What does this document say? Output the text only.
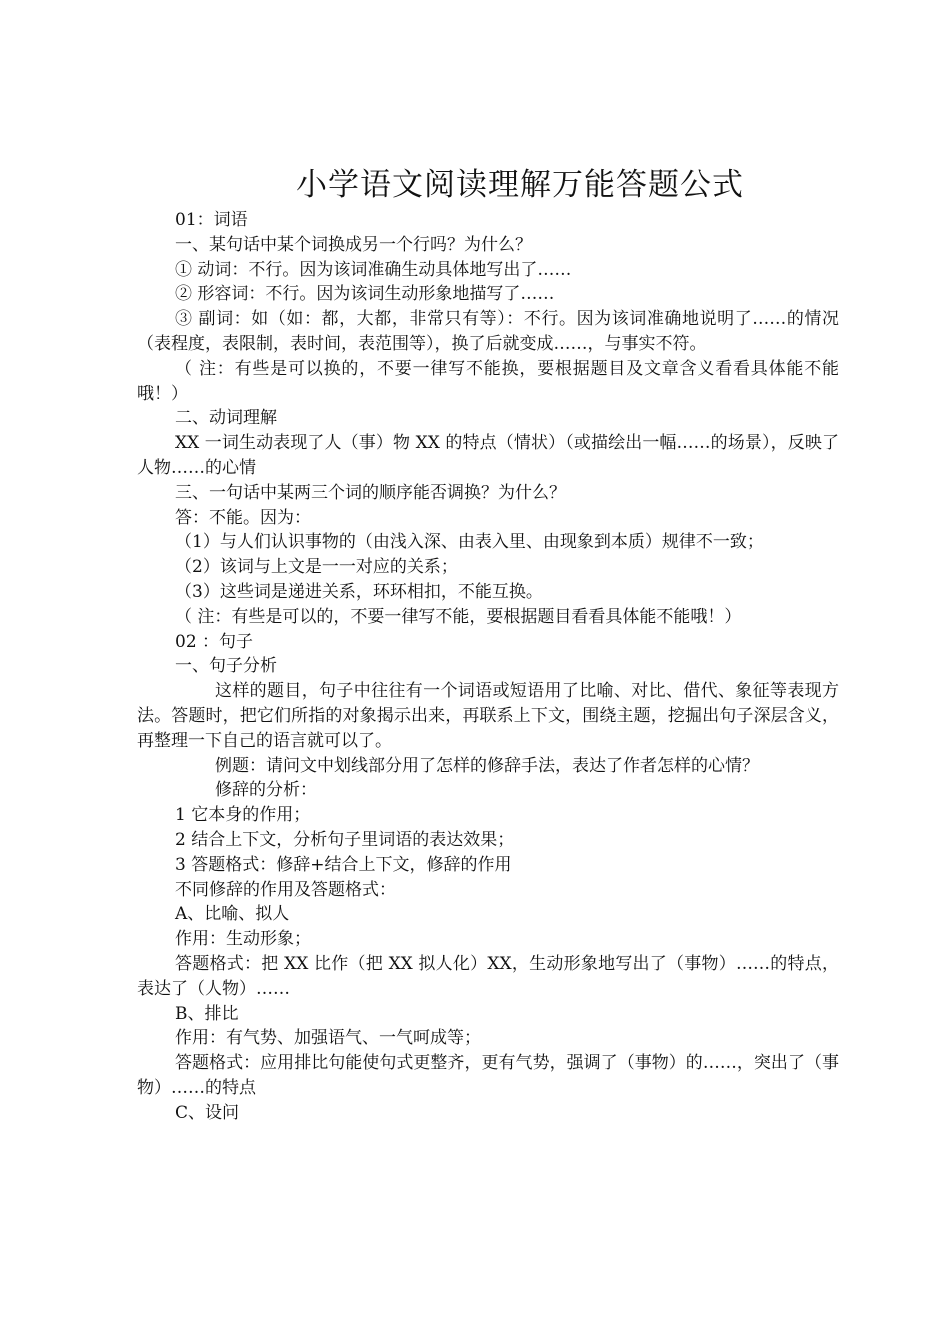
小学语文阅读理解万能答题公式

01：词语

一、某句话中某个词换成另一个行吗？为什么？

① 动词：不行。因为该词准确生动具体地写出了……

② 形容词：不行。因为该词生动形象地描写了……

③ 副词：如（如：都，大都，非常只有等）：不行。因为该词准确地说明了……的情况（表程度，表限制，表时间，表范围等），换了后就变成……，与事实不符。

（ 注：有些是可以换的，不要一律写不能换，要根据题目及文章含义看看具体能不能哦！）

二、动词理解

XX 一词生动表现了人（事）物 XX 的特点（情状）（或描绘出一幅……的场景），反映了人物……的心情

三、一句话中某两三个词的顺序能否调换？为什么？

答：不能。因为：

（1）与人们认识事物的（由浅入深、由表入里、由现象到本质）规律不一致；

（2）该词与上文是一一对应的关系；

（3）这些词是递进关系，环环相扣，不能互换。

（ 注：有些是可以的，不要一律写不能，要根据题目看看具体能不能哦！）

02 ：句子

一、句子分析

这样的题目，句子中往往有一个词语或短语用了比喻、对比、借代、象征等表现方法。答题时，把它们所指的对象揭示出来，再联系上下文，围绕主题，挖掘出句子深层含义，再整理一下自己的语言就可以了。

例题：请问文中划线部分用了怎样的修辞手法，表达了作者怎样的心情？

修辞的分析：

1 它本身的作用；

2 结合上下文，分析句子里词语的表达效果；

3 答题格式：修辞+结合上下文，修辞的作用

不同修辞的作用及答题格式：

A、比喻、拟人

作用：生动形象；

答题格式：把 XX 比作（把 XX 拟人化）XX，生动形象地写出了（事物）……的特点，表达了（人物）……

B、排比

作用：有气势、加强语气、一气呵成等；

答题格式：应用排比句能使句式更整齐，更有气势，强调了（事物）的……，突出了（事物）……的特点

C、设问
